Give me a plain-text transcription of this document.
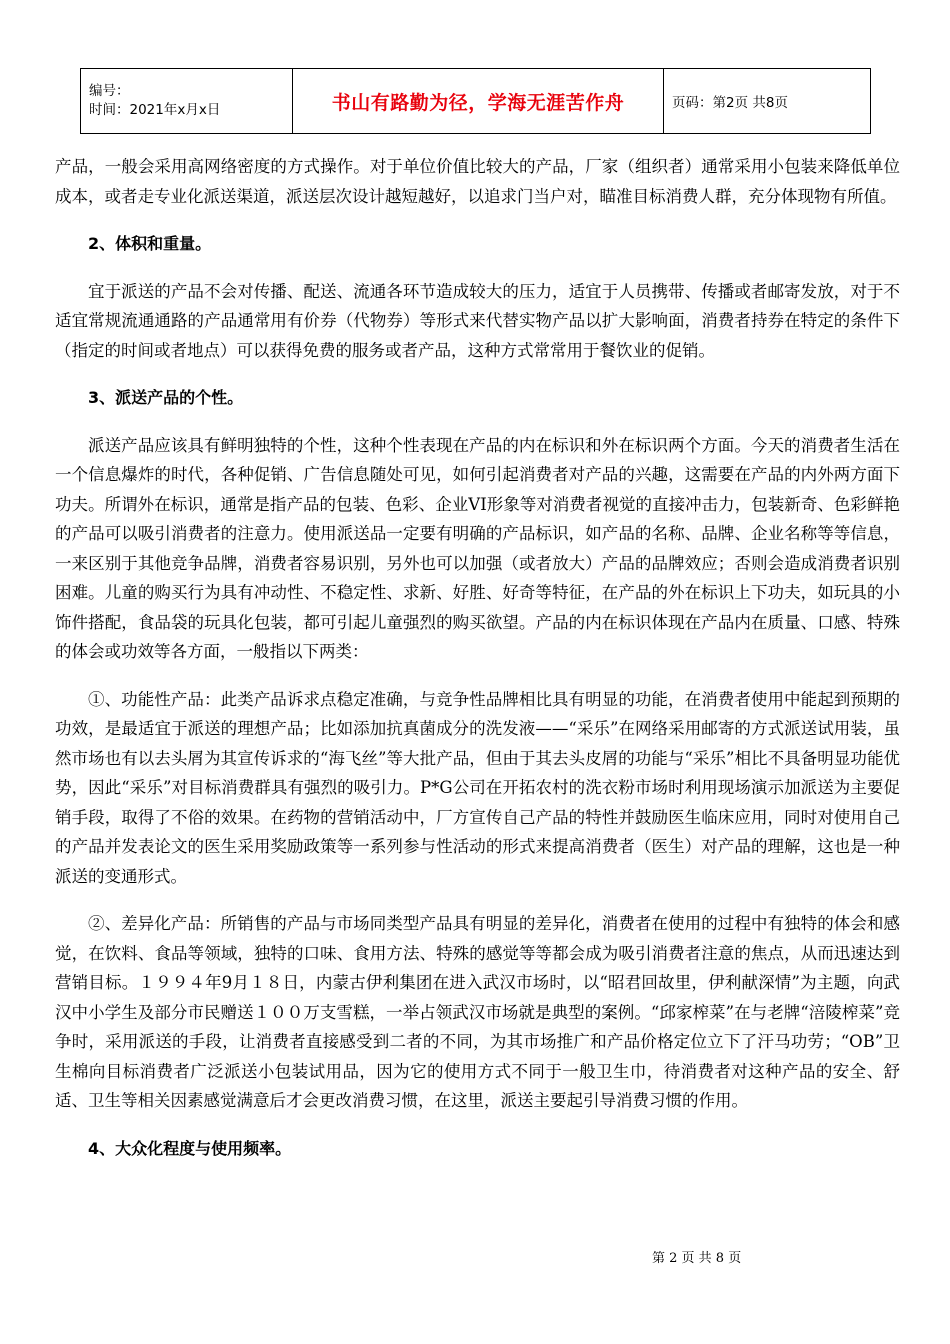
编号：
时间：2021年x月x日	书山有路勤为径，学海无涯苦作舟	页码：第2页 共8页

产品，一般会采用高网络密度的方式操作。对于单位价值比较大的产品，厂家（组织者）通常采用小包装来降低单位成本，或者走专业化派送渠道，派送层次设计越短越好，以追求门当户对，瞄准目标消费人群，充分体现物有所值。

2、体积和重量。

宜于派送的产品不会对传播、配送、流通各环节造成较大的压力，适宜于人员携带、传播或者邮寄发放，对于不适宜常规流通通路的产品通常用有价券（代物券）等形式来代替实物产品以扩大影响面，消费者持券在特定的条件下（指定的时间或者地点）可以获得免费的服务或者产品，这种方式常常用于餐饮业的促销。

3、派送产品的个性。

派送产品应该具有鲜明独特的个性，这种个性表现在产品的内在标识和外在标识两个方面。今天的消费者生活在一个信息爆炸的时代，各种促销、广告信息随处可见，如何引起消费者对产品的兴趣，这需要在产品的内外两方面下功夫。所谓外在标识，通常是指产品的包装、色彩、企业VI形象等对消费者视觉的直接冲击力，包装新奇、色彩鲜艳的产品可以吸引消费者的注意力。使用派送品一定要有明确的产品标识，如产品的名称、品牌、企业名称等等信息，一来区别于其他竞争品牌，消费者容易识别，另外也可以加强（或者放大）产品的品牌效应；否则会造成消费者识别困难。儿童的购买行为具有冲动性、不稳定性、求新、好胜、好奇等特征，在产品的外在标识上下功夫，如玩具的小饰件搭配，食品袋的玩具化包装，都可引起儿童强烈的购买欲望。产品的内在标识体现在产品内在质量、口感、特殊的体会或功效等各方面，一般指以下两类：

①、功能性产品：此类产品诉求点稳定准确，与竞争性品牌相比具有明显的功能，在消费者使用中能起到预期的功效，是最适宜于派送的理想产品；比如添加抗真菌成分的洗发液——“采乐”在网络采用邮寄的方式派送试用装，虽然市场也有以去头屑为其宣传诉求的“海飞丝”等大批产品，但由于其去头皮屑的功能与“采乐”相比不具备明显功能优势，因此“采乐”对目标消费群具有强烈的吸引力。P*G公司在开拓农村的洗衣粉市场时利用现场演示加派送为主要促销手段，取得了不俗的效果。在药物的营销活动中，厂方宣传自己产品的特性并鼓励医生临床应用，同时对使用自己的产品并发表论文的医生采用奖励政策等一系列参与性活动的形式来提高消费者（医生）对产品的理解，这也是一种派送的变通形式。

②、差异化产品：所销售的产品与市场同类型产品具有明显的差异化，消费者在使用的过程中有独特的体会和感觉，在饮料、食品等领域，独特的口味、食用方法、特殊的感觉等等都会成为吸引消费者注意的焦点，从而迅速达到营销目标。１９９４年9月１８日，内蒙古伊利集团在进入武汉市场时，以“昭君回故里，伊利献深情”为主题，向武汉中小学生及部分市民赠送１００万支雪糕，一举占领武汉市场就是典型的案例。“邱家榨菜”在与老牌“涪陵榨菜”竞争时，采用派送的手段，让消费者直接感受到二者的不同，为其市场推广和产品价格定位立下了汗马功劳；“OB”卫生棉向目标消费者广泛派送小包装试用品，因为它的使用方式不同于一般卫生巾，待消费者对这种产品的安全、舒适、卫生等相关因素感觉满意后才会更改消费习惯，在这里，派送主要起引导消费习惯的作用。

4、大众化程度与使用频率。

第 2 页 共 8 页
